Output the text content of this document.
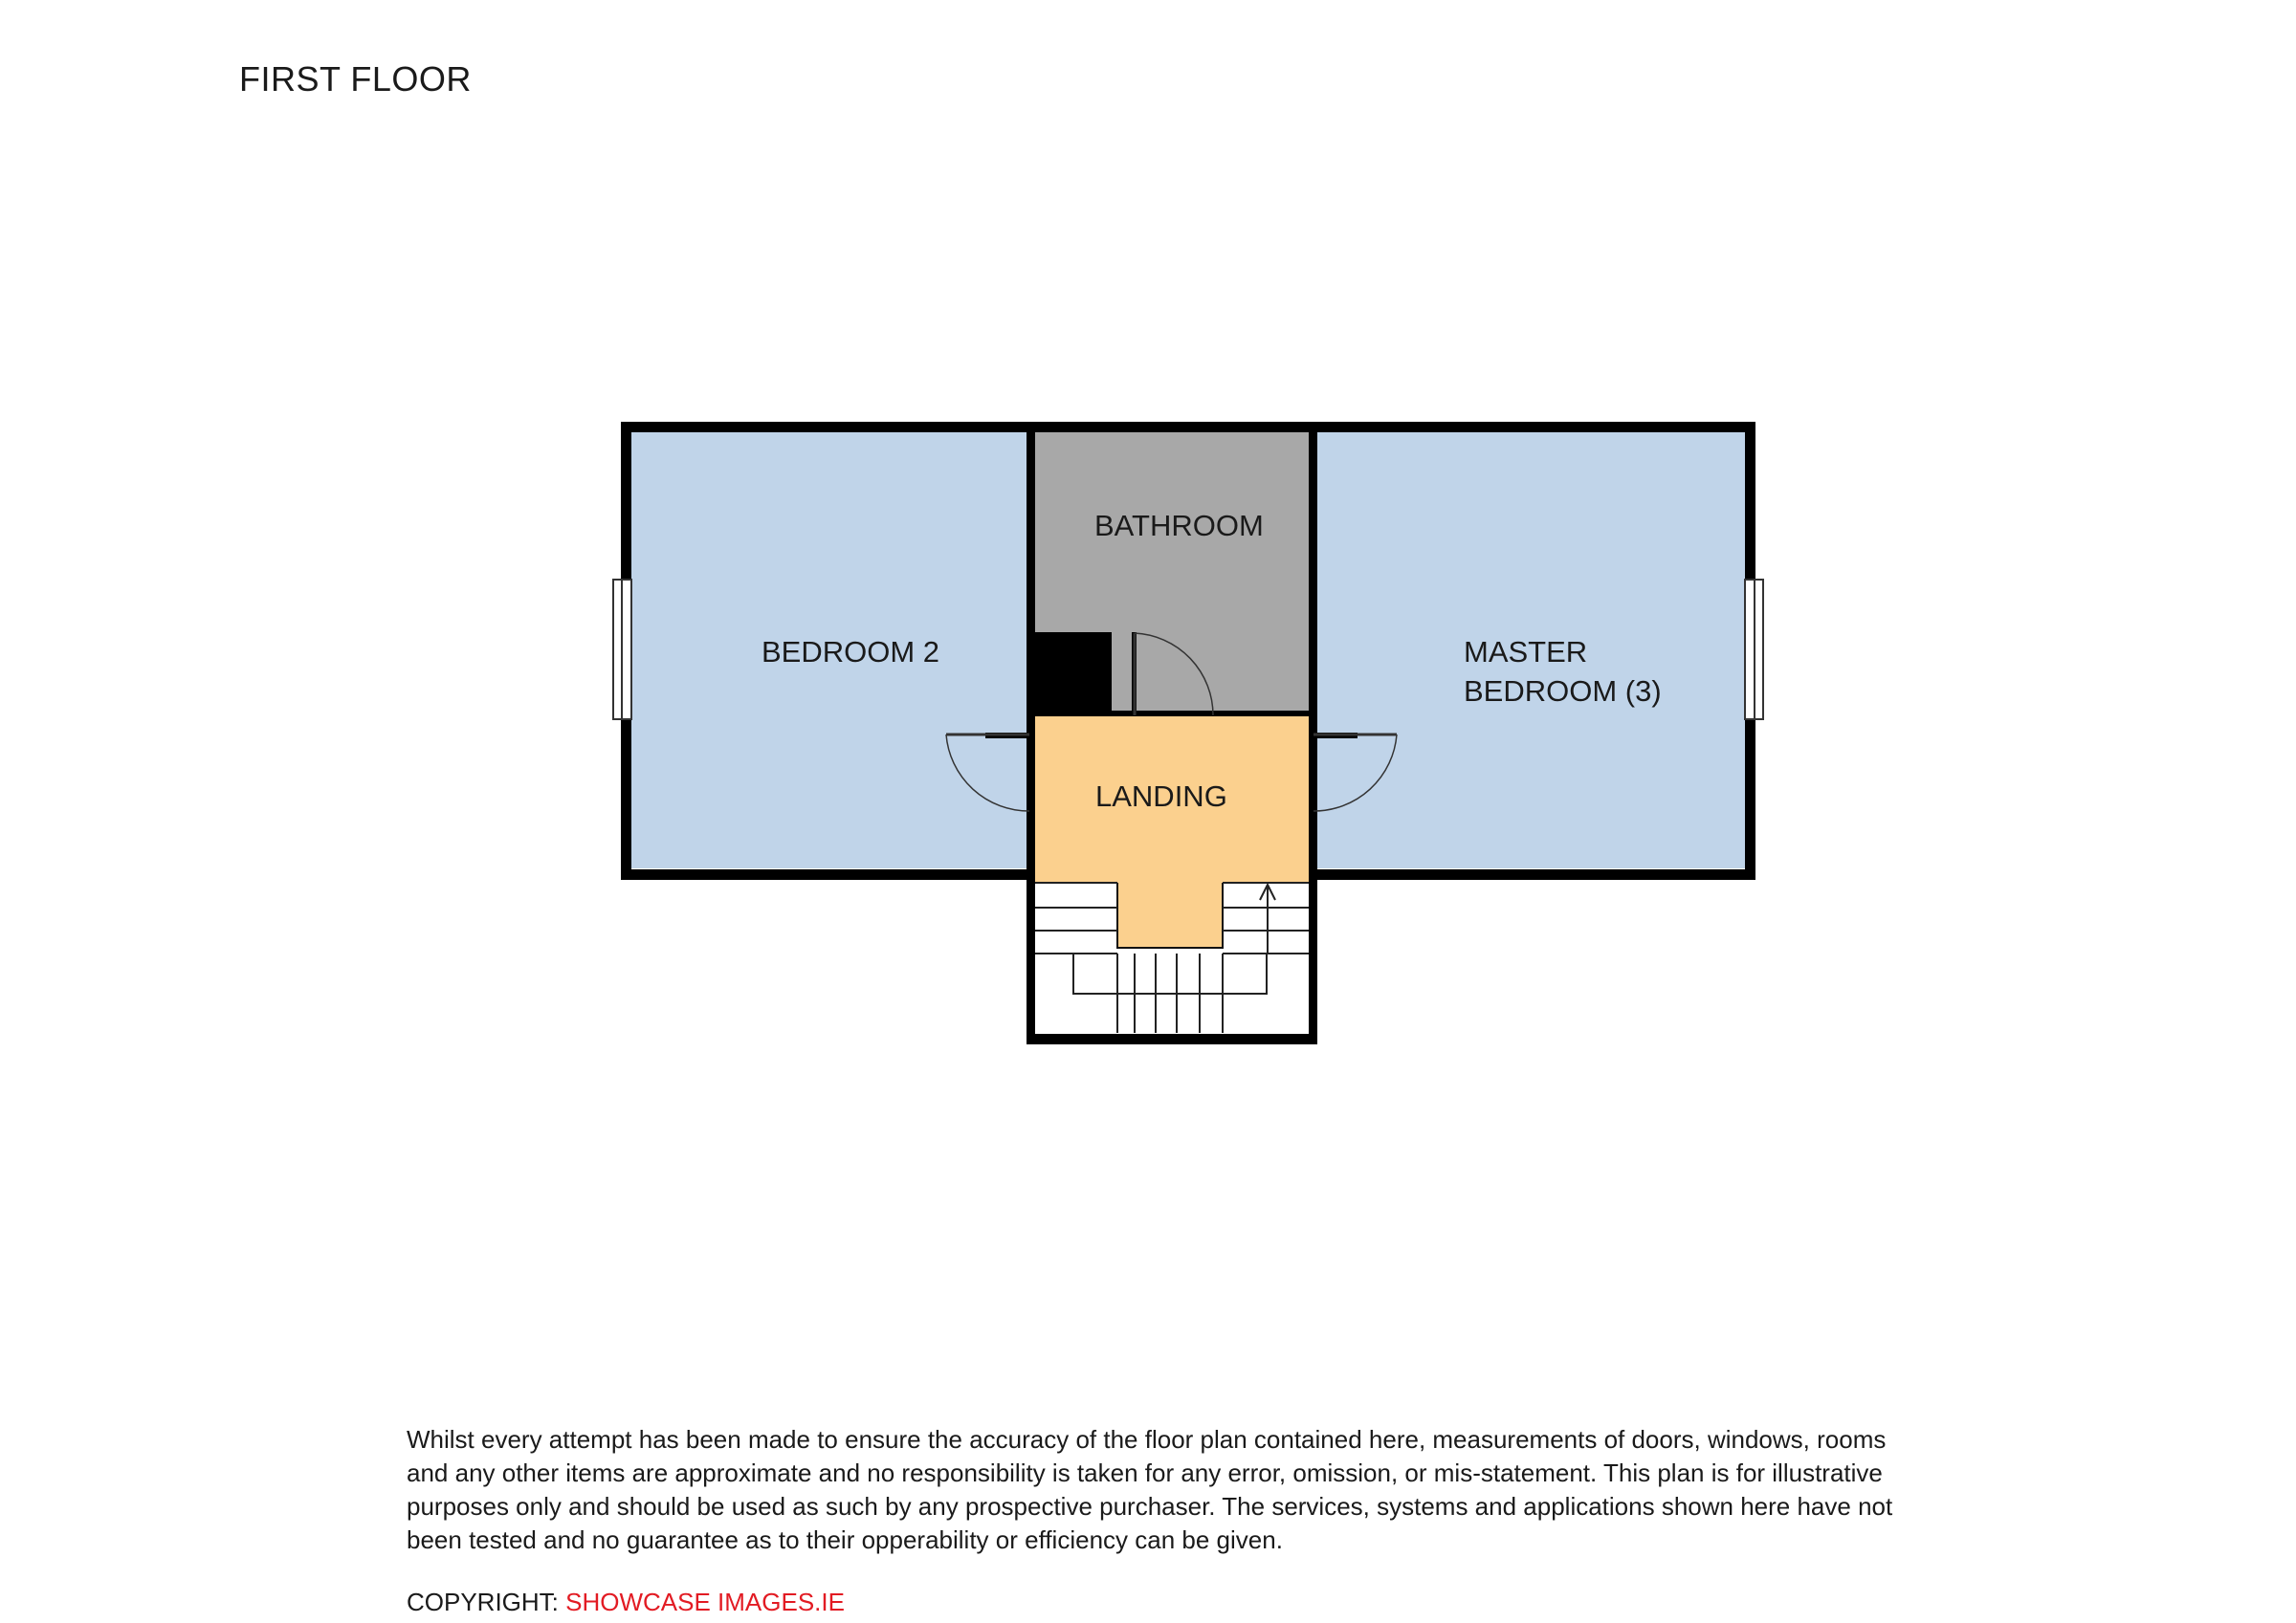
FIRST FLOOR
BEDROOM 2
BATHROOM
MASTER
BEDROOM (3)
LANDING
Whilst every attempt has been made to ensure the accuracy of the floor plan contained here, measurements of doors, windows, rooms and any other items are approximate and no responsibility is taken for any error, omission, or mis-statement. This plan is for illustrative purposes only and should be used as such by any prospective purchaser. The services, systems and applications shown here have not been tested and no guarantee as to their opperability or efficiency can be given.
COPYRIGHT: SHOWCASE IMAGES.IE
